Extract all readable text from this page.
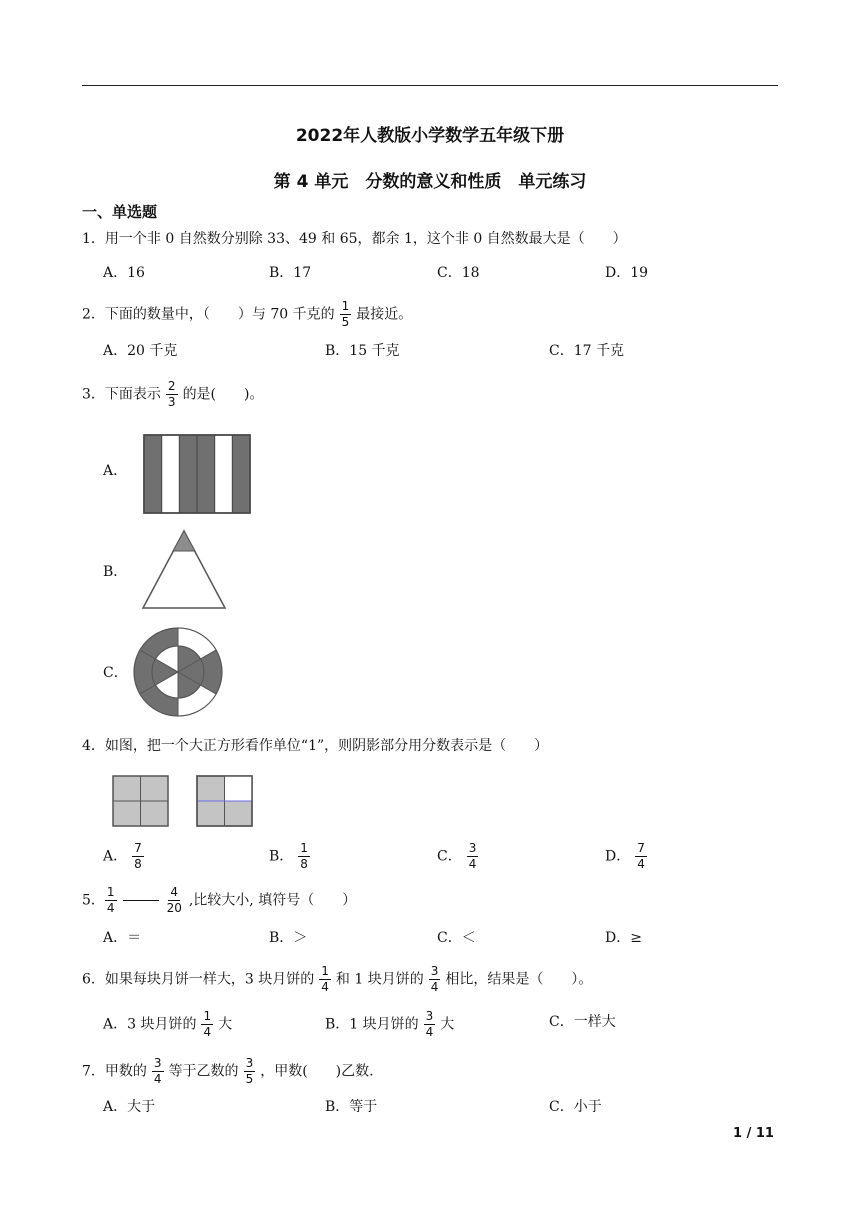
2022年人教版小学数学五年级下册
第 4 单元　分数的意义和性质　单元练习
一、单选题
1．用一个非 0 自然数分别除 33、49 和 65，都余 1，这个非 0 自然数最大是（　　）
A．16	B．17	C．18	D．19
2．下面的数量中，（　　）与 70 千克的 $\frac{1}{5}$ 最接近。
A．20 千克	B．15 千克	C．17 千克
3．下面表示 $\frac{2}{3}$ 的是(　　)。
A．
B．
C．
4．如图，把一个大正方形看作单位“1”，则阴影部分用分数表示是（　　）
A． $\frac{7}{8}$	B． $\frac{1}{8}$	C． $\frac{3}{4}$	D． $\frac{7}{4}$
5． $\frac{1}{4}$	$\frac{4}{20}$ ,比较大小, 填符号（　　）
A．＝	B．＞	C．＜	D．≥
6．如果每块月饼一样大，3 块月饼的 $\frac{1}{4}$ 和 1 块月饼的 $\frac{3}{4}$ 相比，结果是（　　）。
A．3 块月饼的 $\frac{1}{4}$ 大	B．1 块月饼的 $\frac{3}{4}$ 大	C．一样大
7．甲数的 $\frac{3}{4}$ 等于乙数的 $\frac{3}{5}$ ，甲数(　　)乙数.
A．大于	B．等于	C．小于
1 / 11
